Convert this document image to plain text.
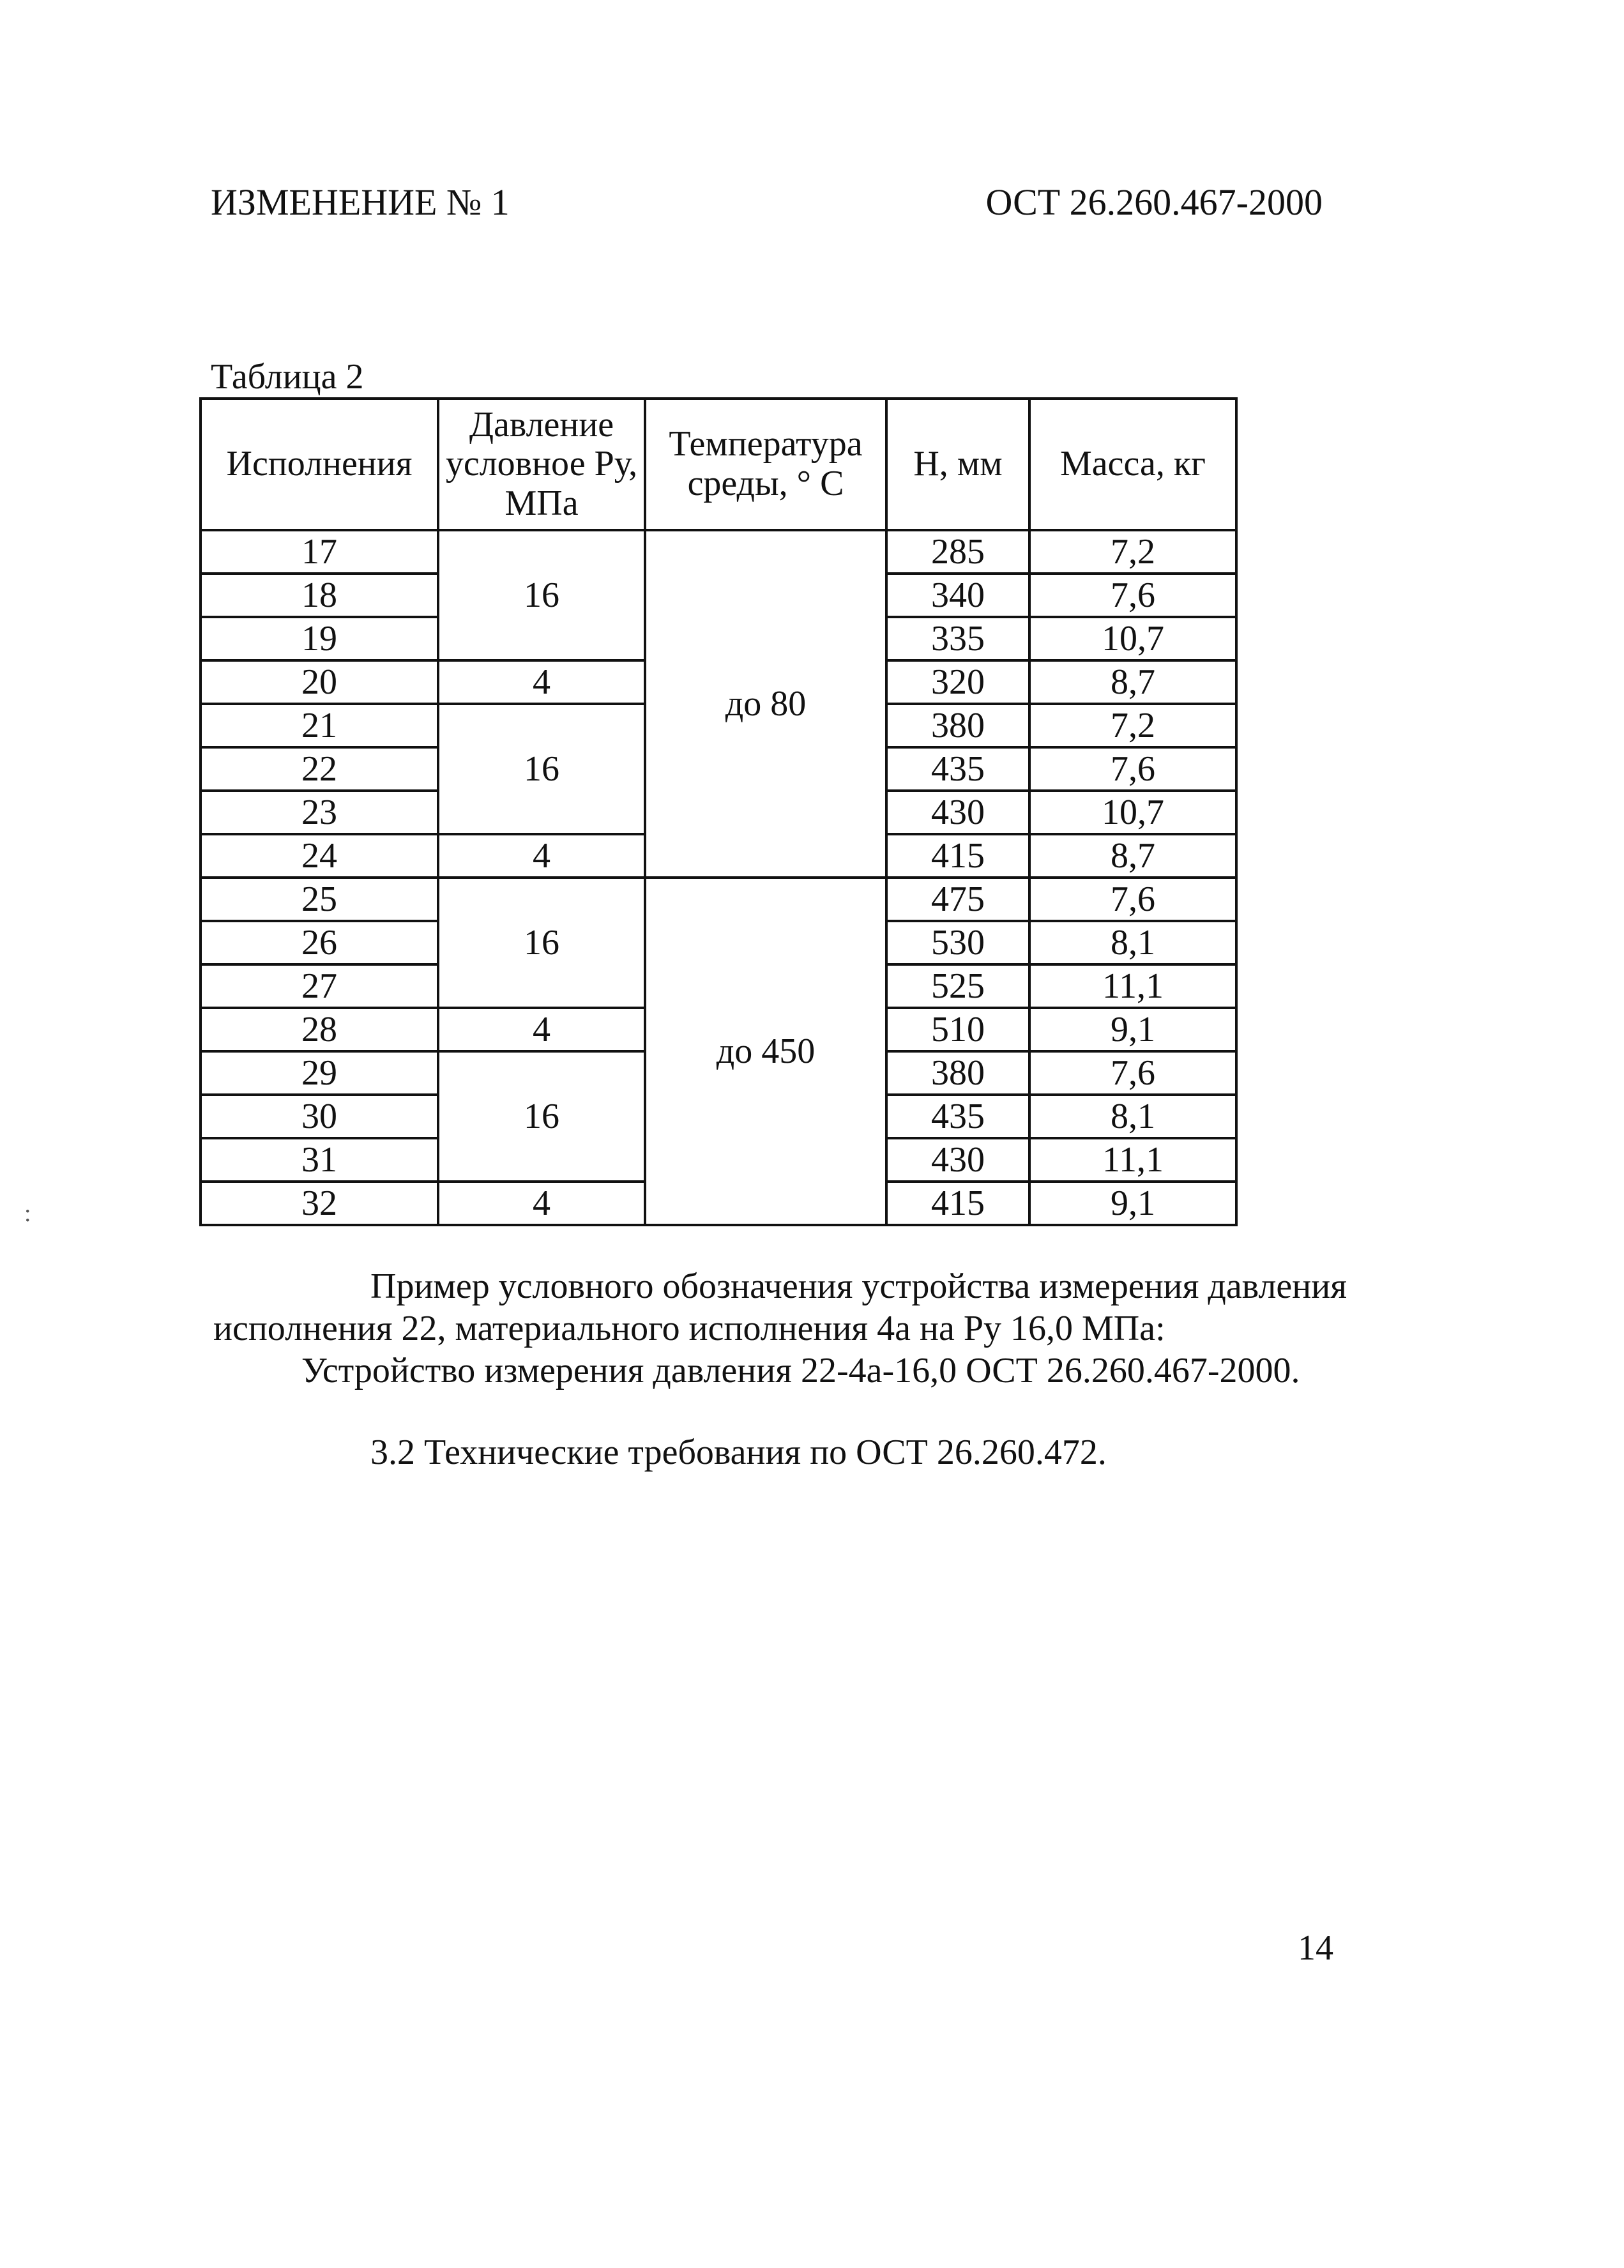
ИЗМЕНЕНИЕ № 1	ОСТ 26.260.467-2000
Таблица 2
Исполнения	Давление условное Ру, МПа	Температура среды, ° С	Н, мм	Масса, кг
17	16	до 80	285	7,2
18			340	7,6
19			335	10,7
20	4		320	8,7
21	16		380	7,2
22			435	7,6
23			430	10,7
24	4		415	8,7
25	16	до 450	475	7,6
26			530	8,1
27			525	11,1
28	4		510	9,1
29	16		380	7,6
30			435	8,1
31			430	11,1
32	4		415	9,1
Пример условного обозначения устройства измерения давления
исполнения 22, материального исполнения 4а на Ру 16,0 МПа:
Устройство измерения давления 22-4а-16,0 ОСТ 26.260.467-2000.
3.2 Технические требования по ОСТ 26.260.472.
14
:
